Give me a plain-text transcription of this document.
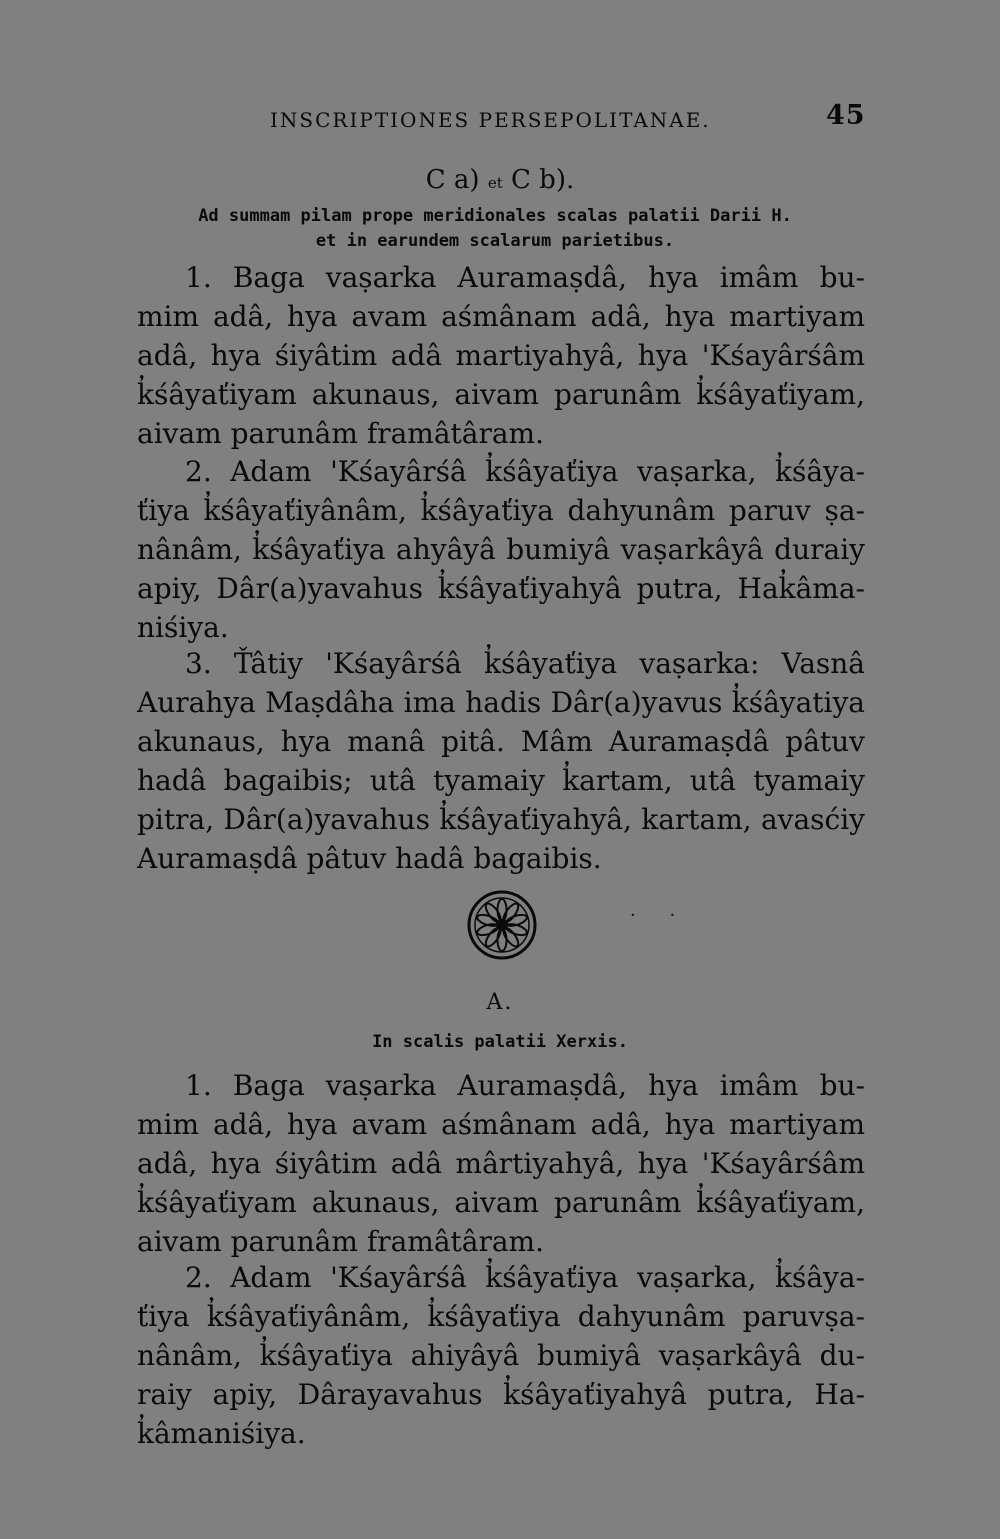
INSCRIPTIONES PERSEPOLITANAE.	45
C a) et C b).
Ad summam pilam prope meridionales scalas palatii Darii H.
et in earundem scalarum parietibus.
1. Baga vaṣarka Auramaṣdâ, hya imâm bu-
mim adâ, hya avam aśmânam adâ, hya martiyam
adâ, hya śiyâtim adâ martiyahyâ, hya 'Kśayârśâm
k̓śâyaťiyam akunaus, aivam parunâm k̓śâyaťiyam,
aivam parunâm framâtâram.
2. Adam 'Kśayârśâ k̓śâyaťiya vaṣarka, k̓śâya-
ťiya k̓śâyaťiyânâm, k̓śâyaťiya dahyunâm paruv ṣa-
nânâm, k̓śâyaťiya ahyâyâ bumiyâ vaṣarkâyâ duraiy
apiy, Dâr(a)yavahus k̓śâyaťiyahyâ putra, Hak̓âma-
niśiya.
3. Ťâtiy 'Kśayârśâ k̓śâyaťiya vaṣarka: Vasnâ
Aurahya Maṣdâha ima hadis Dâr(a)yavus k̓śâyatiya
akunaus, hya manâ pitâ. Mâm Auramaṣdâ pâtuv
hadâ bagaibis; utâ tyamaiy k̓artam, utâ tyamaiy
pitra, Dâr(a)yavahus k̓śâyaťiyahyâ, kartam, avasćiy
Auramaṣdâ pâtuv hadâ bagaibis.
· ·
A.
In scalis palatii Xerxis.
1. Baga vaṣarka Auramaṣdâ, hya imâm bu-
mim adâ, hya avam aśmânam adâ, hya martiyam
adâ, hya śiyâtim adâ mârtiyahyâ, hya 'Kśayârśâm
k̓śâyaťiyam akunaus, aivam parunâm k̓śâyaťiyam,
aivam parunâm framâtâram.
2. Adam 'Kśayârśâ k̓śâyaťiya vaṣarka, k̓śâya-
ťiya k̓śâyaťiyânâm, k̓śâyaťiya dahyunâm paruvṣa-
nânâm, k̓śâyaťiya ahiyâyâ bumiyâ vaṣarkâyâ du-
raiy apiy, Dârayavahus k̓śâyaťiyahyâ putra, Ha-
k̓âmaniśiya.
